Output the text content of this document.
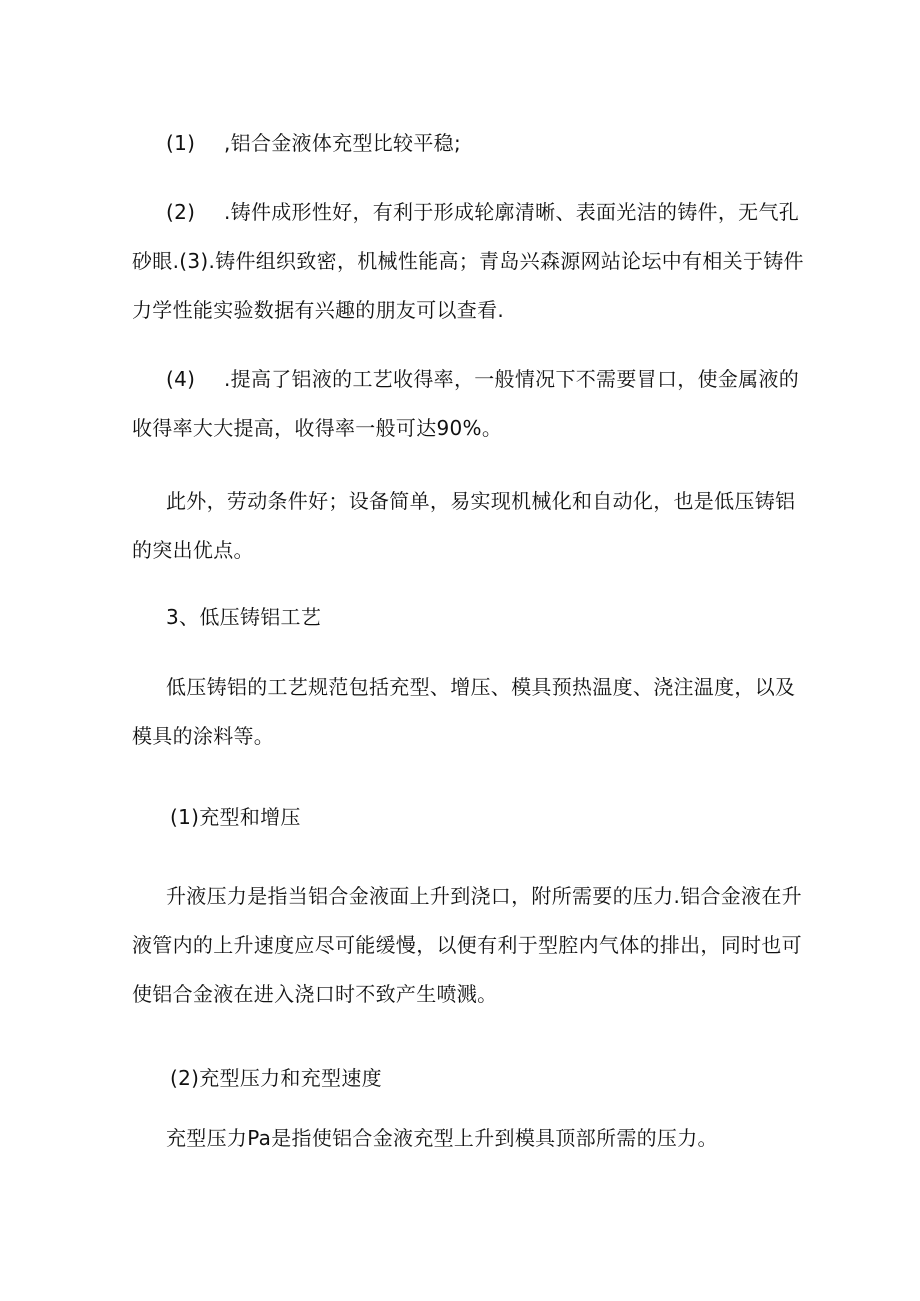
(1) ,铝合金液体充型比较平稳;

(2) .铸件成形性好，有利于形成轮廓清晰、表面光洁的铸件，无气孔
砂眼.(3).铸件组织致密，机械性能高；青岛兴森源网站论坛中有相关于铸件
力学性能实验数据有兴趣的朋友可以查看.

(4) .提高了铝液的工艺收得率，一般情况下不需要冒口，使金属液的
收得率大大提高，收得率一般可达90%。

此外，劳动条件好；设备简单，易实现机械化和自动化，也是低压铸铝
的突出优点。

3、低压铸铝工艺

低压铸铝的工艺规范包括充型、增压、模具预热温度、浇注温度，以及
模具的涂料等。

(1)充型和增压

升液压力是指当铝合金液面上升到浇口，附所需要的压力.铝合金液在升
液管内的上升速度应尽可能缓慢，以便有利于型腔内气体的排出，同时也可
使铝合金液在进入浇口时不致产生喷溅。

(2)充型压力和充型速度

充型压力Pa是指使铝合金液充型上升到模具顶部所需的压力。
